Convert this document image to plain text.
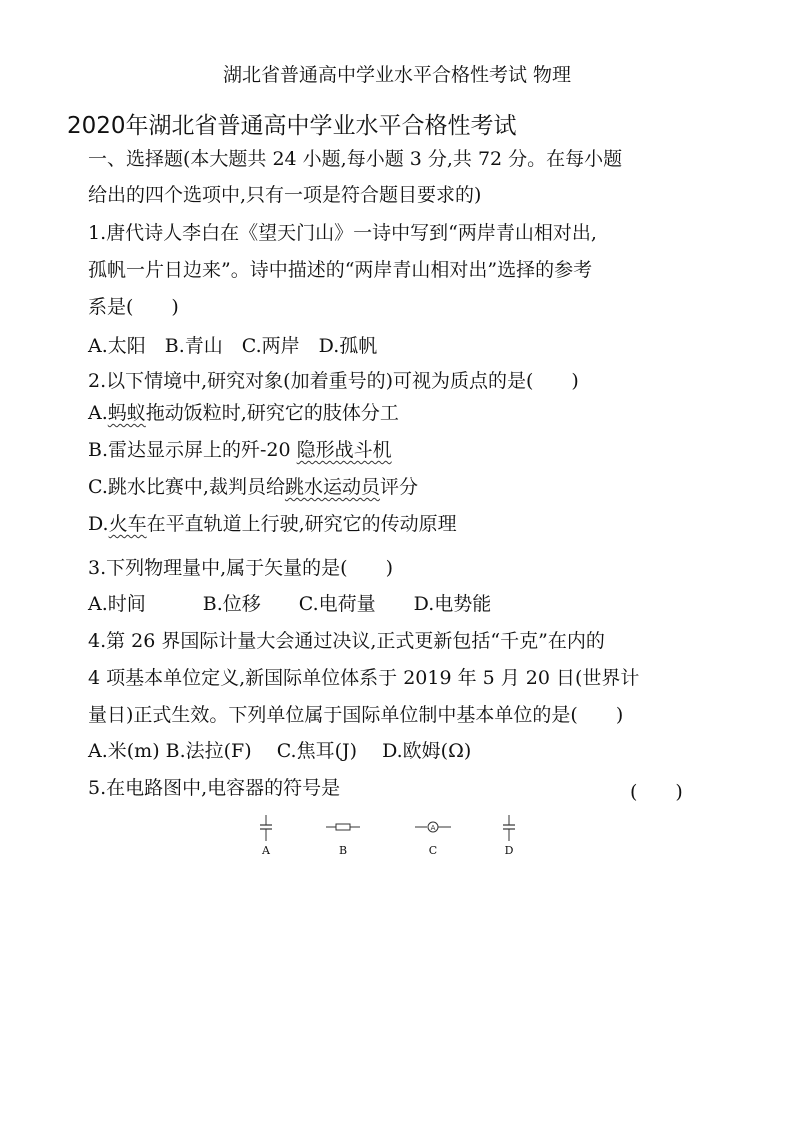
湖北省普通高中学业水平合格性考试 物理
2020年湖北省普通高中学业水平合格性考试
一、选择题(本大题共 24 小题,每小题 3 分,共 72 分。在每小题
给出的四个选项中,只有一项是符合题目要求的)
1.唐代诗人李白在《望天门山》一诗中写到“两岸青山相对出,
孤帆一片日边来”。诗中描述的“两岸青山相对出”选择的参考
系是(　　)
A.太阳　B.青山　C.两岸　D.孤帆
2.以下情境中,研究对象(加着重号的)可视为质点的是(　　)
A.蚂蚁拖动饭粒时,研究它的肢体分工
B.雷达显示屏上的歼-20 隐形战斗机
C.跳水比赛中,裁判员给跳水运动员评分
D.火车在平直轨道上行驶,研究它的传动原理
3.下列物理量中,属于矢量的是(　　)
A.时间　　　B.位移　　C.电荷量　　D.电势能
4.第 26 界国际计量大会通过决议,正式更新包括“千克”在内的
4 项基本单位定义,新国际单位体系于 2019 年 5 月 20 日(世界计
量日)正式生效。下列单位属于国际单位制中基本单位的是(　　)
A.米(m) B.法拉(F)　 C.焦耳(J)　 D.欧姆(Ω)
5.在电路图中,电容器的符号是	(　　)
A	B
A
C	D
